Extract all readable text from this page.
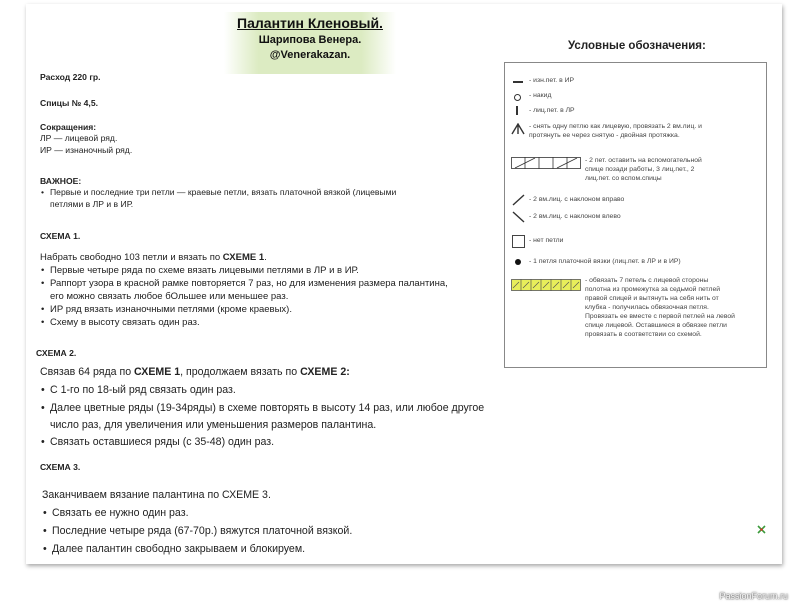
Палантин Кленовый.
Шарипова Венера.
@Venerakazan.
Расход 220 гр.
Спицы № 4,5.
Сокращения:
ЛР — лицевой ряд.
ИР — изнаночный ряд.
ВАЖНОЕ:
• Первые и последние три петли — краевые петли, вязать платочной вязкой (лицевыми
петлями в ЛР и в ИР.
СХЕМА 1.
Набрать свободно 103 петли и вязать по СХЕМЕ 1.
• Первые четыре ряда по схеме вязать лицевыми петлями в ЛР и в ИР.
• Раппорт узора в красной рамке повторяется 7 раз, но для изменения размера палантина,
его можно связать любое бОльшее или меньшее раз.
• ИР ряд вязать изнаночными петлями (кроме краевых).
• Схему в высоту связать один раз.
СХЕМА 2.
Связав 64 ряда по СХЕМЕ 1, продолжаем вязать по СХЕМЕ 2:
• С 1-го по 18-ый ряд связать один раз.
• Далее цветные ряды (19-34ряды) в схеме повторять в высоту 14 раз, или любое другое
число раз, для увеличения или уменьшения размеров палантина.
• Связать оставшиеся ряды (с 35-48) один раз.
СХЕМА 3.
Заканчиваем вязание палантина по СХЕМЕ 3.
• Связать ее нужно один раз.
• Последние четыре ряда (67-70р.) вяжутся платочной вязкой.
• Далее палантин свободно закрываем и блокируем.
Условные обозначения:
- изн.пет. в ИР
- накид
- лиц.пет. в ЛР
- снять одну петлю как лицевую, провязать 2 вм.лиц. и
протянуть ее через снятую - двойная протяжка.
- 2 пет. оставить на вспомогательной
спице позади работы, 3 лиц.пет., 2
лиц.пет. со вспом.спицы
- 2 вм.лиц. с наклоном вправо
- 2 вм.лиц. с наклоном влево
- нет петли
- 1 петля платочной вязки (лиц.пет. в ЛР и в ИР)
- обвязать 7 петель с лицевой стороны
полотна из промежутка за седьмой петлей
правой спицей и вытянуть на себя нить от
клубка - получилась обвязочная петля.
Провязать ее вместе с первой петлей на левой
спице лицевой. Оставшиеся в обвязке петли
провязать в соответствии со схемой.
PassionForum.ru
